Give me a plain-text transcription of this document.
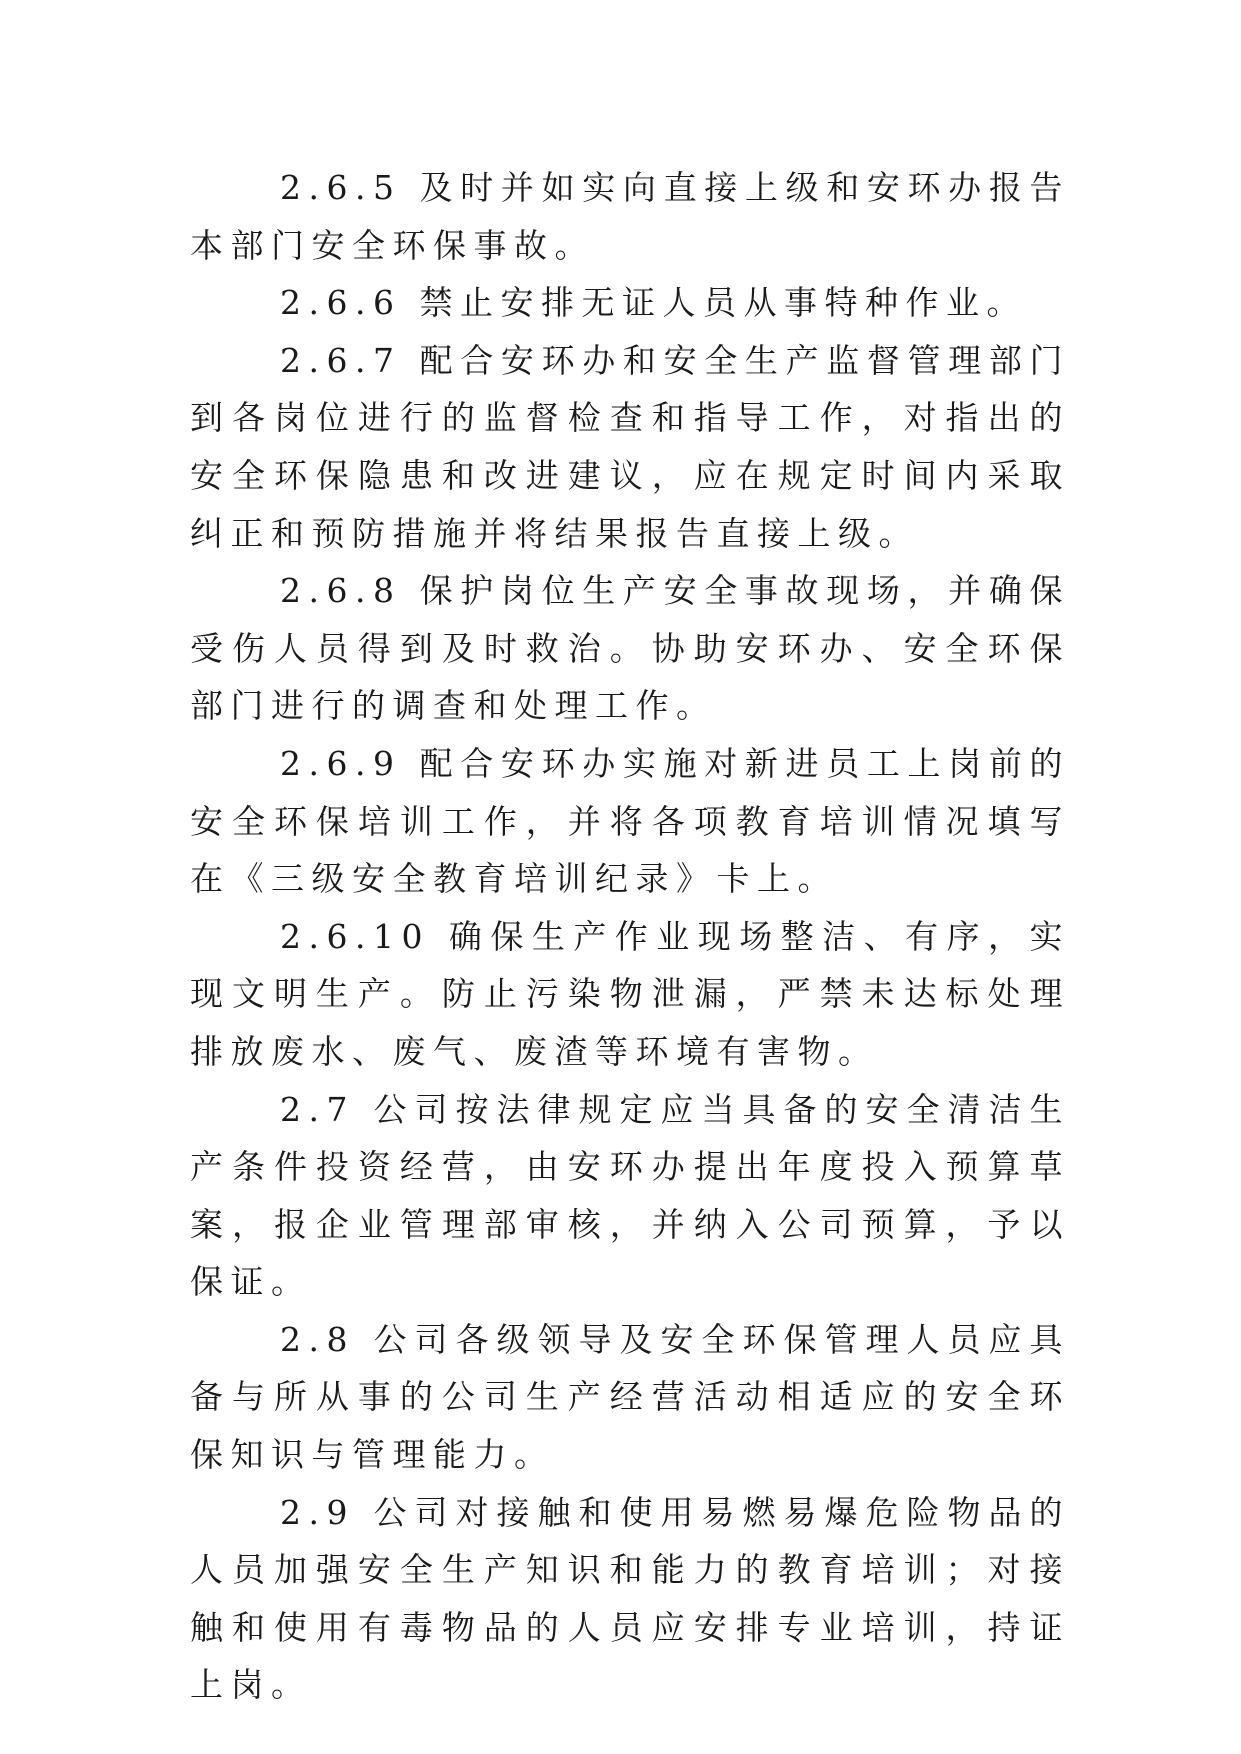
2.6.5 及时并如实向直接上级和安环办报告本部门安全环保事故。

2.6.6 禁止安排无证人员从事特种作业。

2.6.7 配合安环办和安全生产监督管理部门到各岗位进行的监督检查和指导工作，对指出的安全环保隐患和改进建议，应在规定时间内采取纠正和预防措施并将结果报告直接上级。

2.6.8 保护岗位生产安全事故现场，并确保受伤人员得到及时救治。协助安环办、安全环保部门进行的调查和处理工作。

2.6.9 配合安环办实施对新进员工上岗前的安全环保培训工作，并将各项教育培训情况填写在《三级安全教育培训纪录》卡上。

2.6.10 确保生产作业现场整洁、有序，实现文明生产。防止污染物泄漏，严禁未达标处理排放废水、废气、废渣等环境有害物。

2.7 公司按法律规定应当具备的安全清洁生产条件投资经营，由安环办提出年度投入预算草案，报企业管理部审核，并纳入公司预算，予以保证。

2.8 公司各级领导及安全环保管理人员应具备与所从事的公司生产经营活动相适应的安全环保知识与管理能力。

2.9 公司对接触和使用易燃易爆危险物品的人员加强安全生产知识和能力的教育培训；对接触和使用有毒物品的人员应安排专业培训，持证上岗。
